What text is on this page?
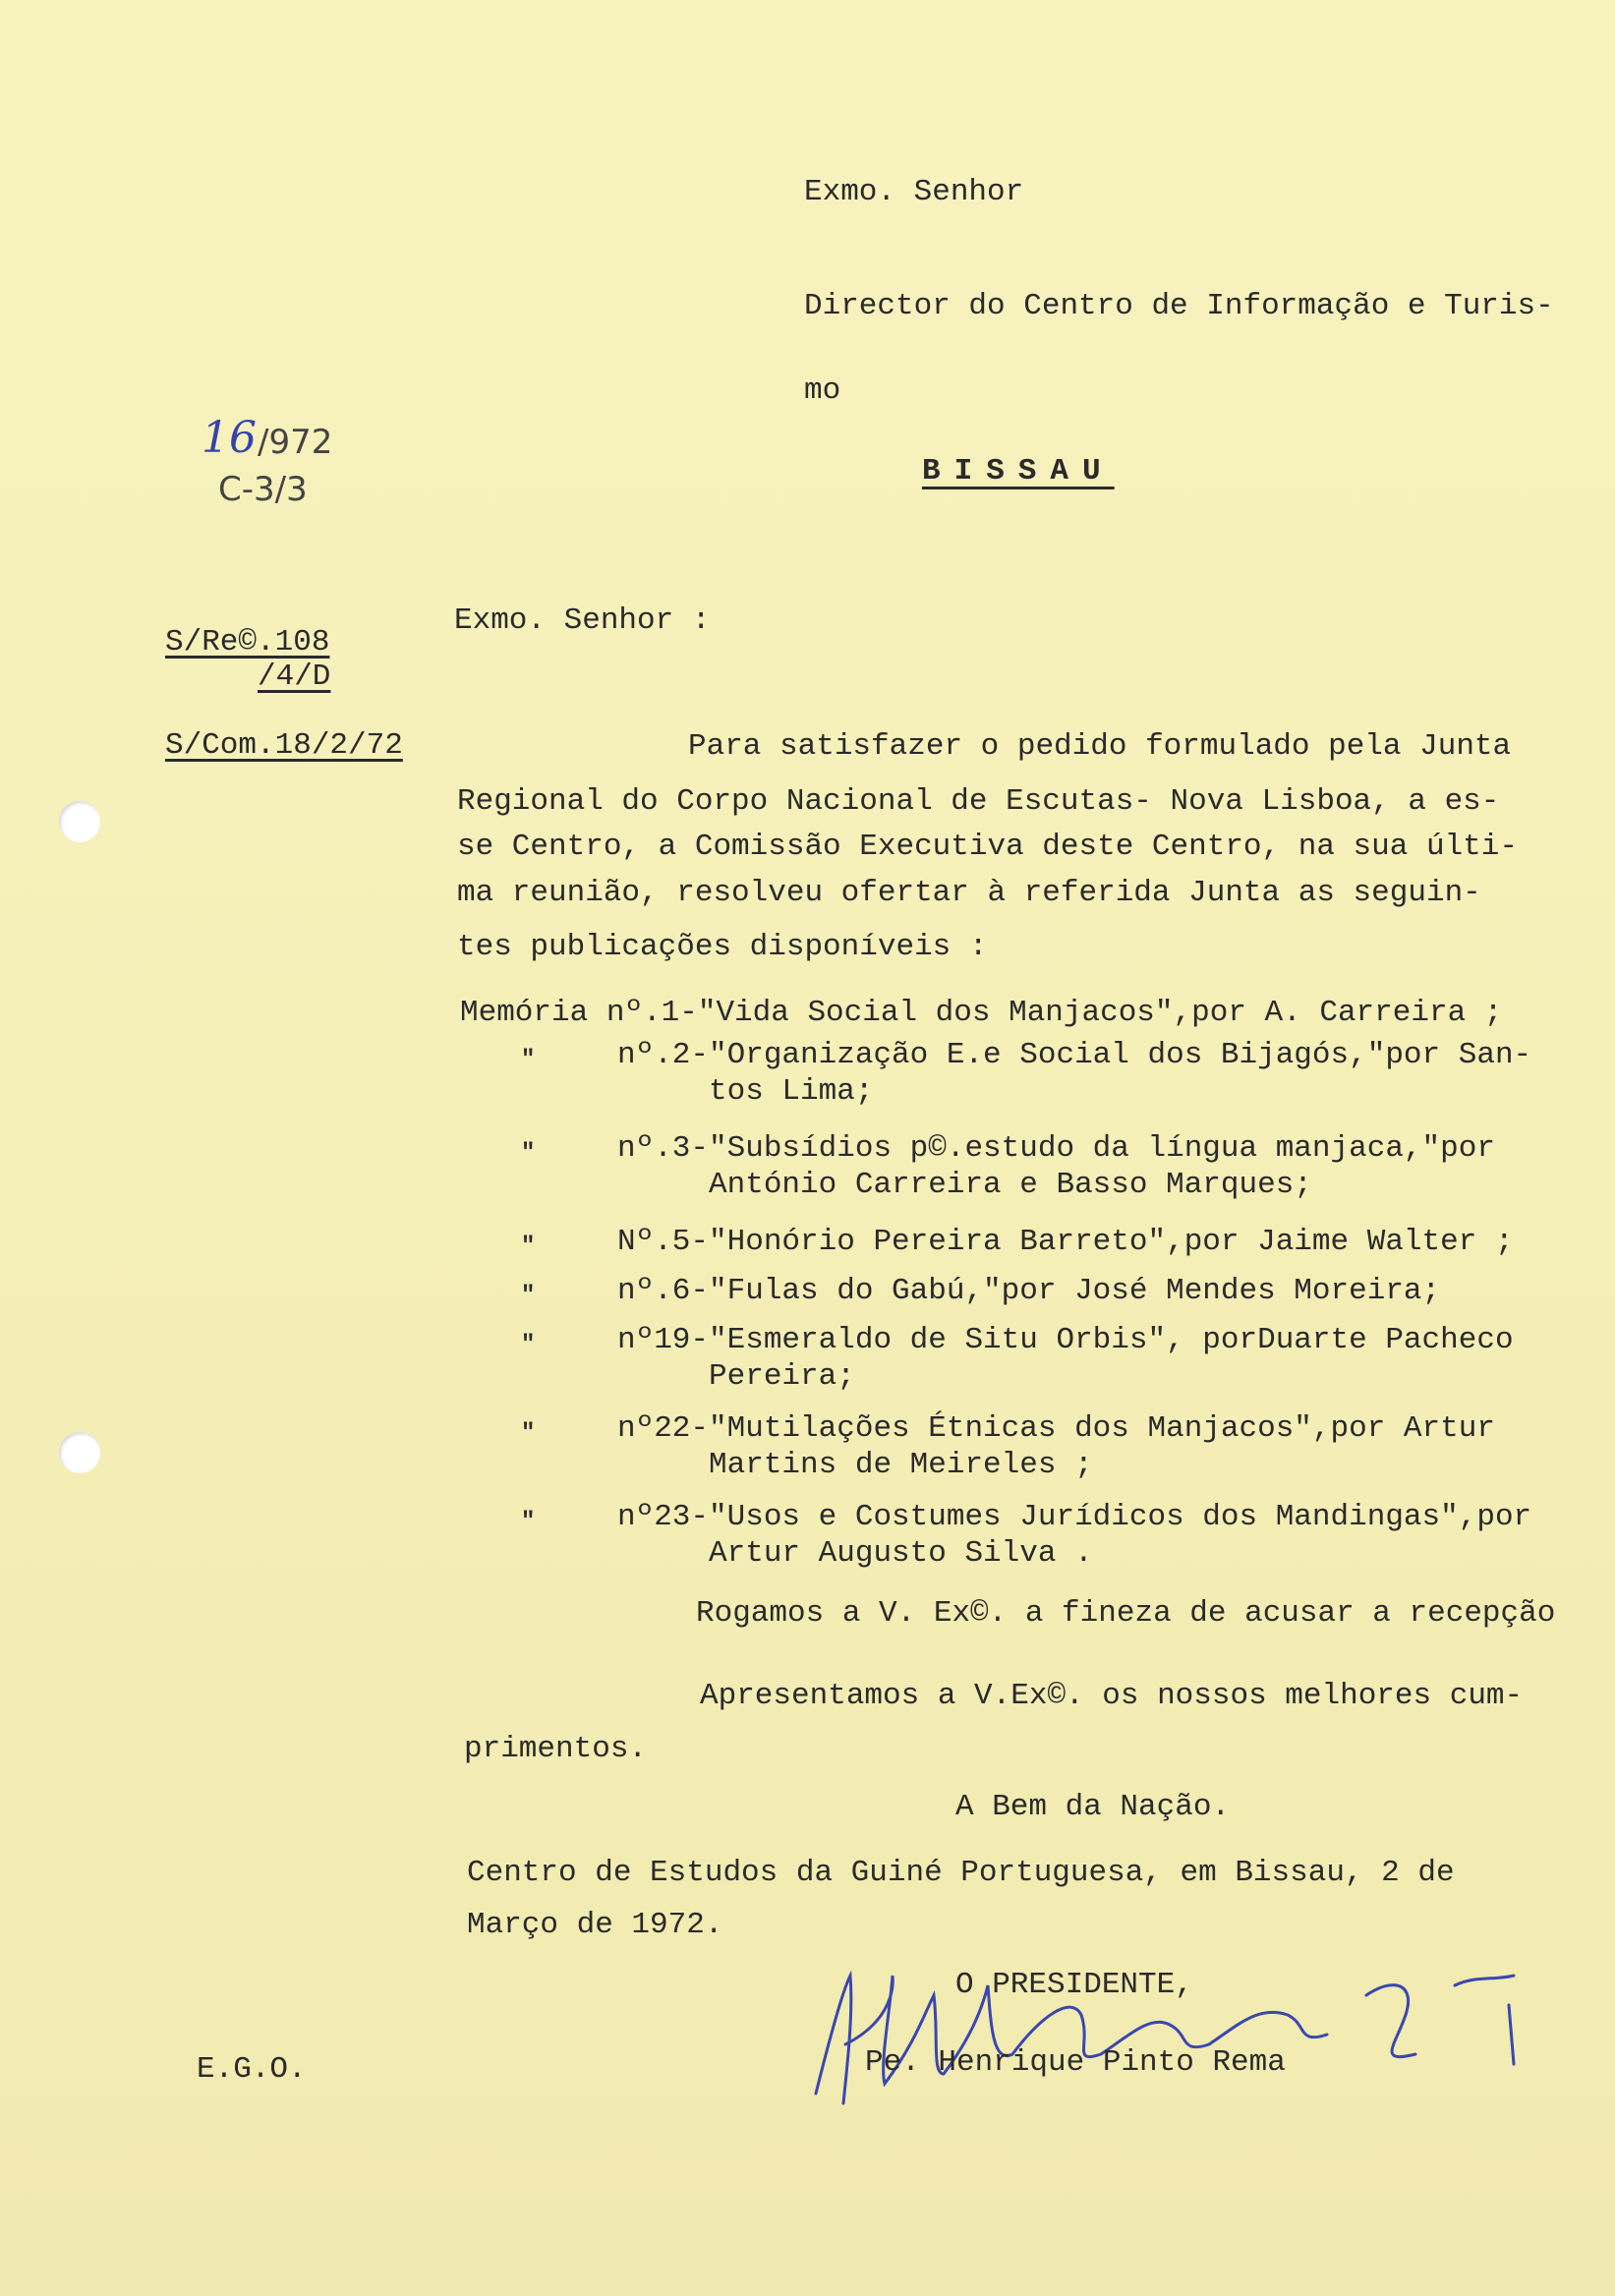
Exmo. Senhor
Director do Centro de Informação e Turis-
mo
BISSAU
16 /972
C-3/3
S/Re©.108
/4/D
S/Com.18/2/72
Exmo. Senhor :
Para satisfazer o pedido formulado pela Junta
Regional do Corpo Nacional de Escutas- Nova Lisboa, a es-
se Centro, a Comissão Executiva deste Centro, na sua últi-
ma reunião, resolveu ofertar à referida Junta as seguin-
tes publicações disponíveis :
Memória nº.1-"Vida Social dos Manjacos",por A. Carreira ;
"	nº.2-"Organização E.e Social dos Bijagós,"por San-
tos Lima;
"	nº.3-"Subsídios p©.estudo da língua manjaca,"por
António Carreira e Basso Marques;
"	Nº.5-"Honório Pereira Barreto",por Jaime Walter ;
"	nº.6-"Fulas do Gabú,"por José Mendes Moreira;
"	nº19-"Esmeraldo de Situ Orbis", porDuarte Pacheco
Pereira;
"	nº22-"Mutilações Étnicas dos Manjacos",por Artur
Martins de Meireles ;
"	nº23-"Usos e Costumes Jurídicos dos Mandingas",por
Artur Augusto Silva .
Rogamos a V. Ex©. a fineza de acusar a recepção
Apresentamos a V.Ex©. os nossos melhores cum-
primentos.
A Bem da Nação.
Centro de Estudos da Guiné Portuguesa, em Bissau, 2 de
Março de 1972.
O PRESIDENTE,
Pe. Henrique Pinto Rema
E.G.O.
